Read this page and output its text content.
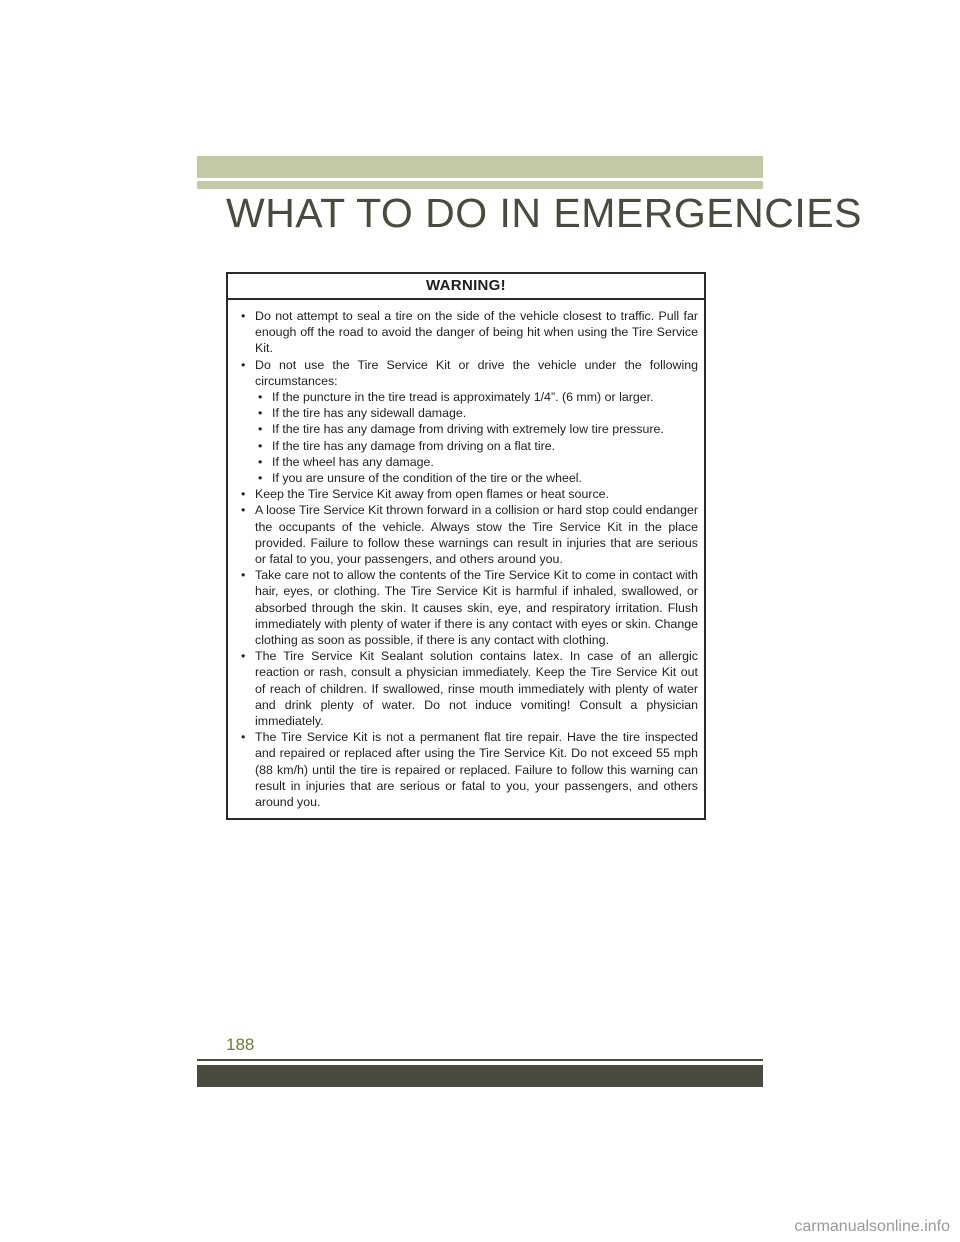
WHAT TO DO IN EMERGENCIES
WARNING!
• Do not attempt to seal a tire on the side of the vehicle closest to traffic. Pull far enough off the road to avoid the danger of being hit when using the Tire Service Kit.
• Do not use the Tire Service Kit or drive the vehicle under the following circumstances:
• If the puncture in the tire tread is approximately 1/4”. (6 mm) or larger.
• If the tire has any sidewall damage.
• If the tire has any damage from driving with extremely low tire pressure.
• If the tire has any damage from driving on a flat tire.
• If the wheel has any damage.
• If you are unsure of the condition of the tire or the wheel.
• Keep the Tire Service Kit away from open flames or heat source.
• A loose Tire Service Kit thrown forward in a collision or hard stop could endanger the occupants of the vehicle. Always stow the Tire Service Kit in the place provided. Failure to follow these warnings can result in injuries that are serious or fatal to you, your passengers, and others around you.
• Take care not to allow the contents of the Tire Service Kit to come in contact with hair, eyes, or clothing. The Tire Service Kit is harmful if inhaled, swallowed, or absorbed through the skin. It causes skin, eye, and respiratory irritation. Flush immediately with plenty of water if there is any contact with eyes or skin. Change clothing as soon as possible, if there is any contact with clothing.
• The Tire Service Kit Sealant solution contains latex. In case of an allergic reaction or rash, consult a physician immediately. Keep the Tire Service Kit out of reach of children. If swallowed, rinse mouth immediately with plenty of water and drink plenty of water. Do not induce vomiting! Consult a physician immediately.
• The Tire Service Kit is not a permanent flat tire repair. Have the tire inspected and repaired or replaced after using the Tire Service Kit. Do not exceed 55 mph (88 km/h) until the tire is repaired or replaced. Failure to follow this warning can result in injuries that are serious or fatal to you, your passengers, and others around you.
188
carmanualsonline.info
